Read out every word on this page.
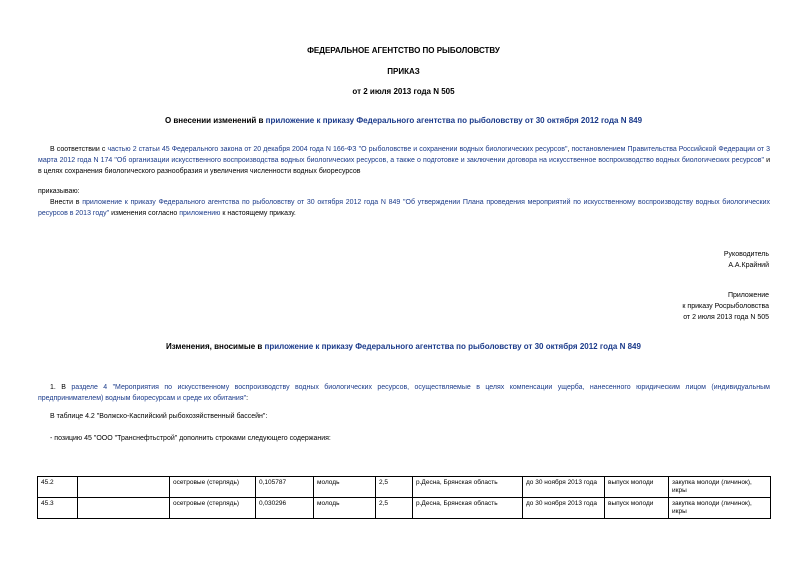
ФЕДЕРАЛЬНОЕ АГЕНТСТВО ПО РЫБОЛОВСТВУ
ПРИКАЗ
от 2 июля 2013 года N 505
О внесении изменений в приложение к приказу Федерального агентства по рыболовству от 30 октября 2012 года N 849
В соответствии с частью 2 статьи 45 Федерального закона от 20 декабря 2004 года N 166-ФЗ "О рыболовстве и сохранении водных биологических ресурсов", постановлением Правительства Российской Федерации от 3 марта 2012 года N 174 "Об организации искусственного воспроизводства водных биологических ресурсов, а также о подготовке и заключении договора на искусственное воспроизводство водных биологических ресурсов" и в целях сохранения биологического разнообразия и увеличения численности водных биоресурсов
приказываю:
Внести в приложение к приказу Федерального агентства по рыболовству от 30 октября 2012 года N 849 "Об утверждении Плана проведения мероприятий по искусственному воспроизводству водных биологических ресурсов в 2013 году" изменения согласно приложению к настоящему приказу.
Руководитель
А.А.Крайний
Приложение
к приказу Росрыболовства
от 2 июля 2013 года N 505
Изменения, вносимые в приложение к приказу Федерального агентства по рыболовству от 30 октября 2012 года N 849
1. В разделе 4 "Мероприятия по искусственному воспроизводству водных биологических ресурсов, осуществляемые в целях компенсации ущерба, нанесенного юридическим лицом (индивидуальным предпринимателем) водным биоресурсам и среде их обитания":
В таблице 4.2 "Волжско-Каспийский рыбохозяйственный бассейн":
- позицию 45 "ООО "Транснефтьстрой" дополнить строками следующего содержания:
45.2		осетровые (стерлядь)	0,105787	молодь	2,5	р.Десна, Брянская область	до 30 ноября 2013 года	выпуск молоди	закупка молоди (личинок), икры
45.3		осетровые (стерлядь)	0,030296	молодь	2,5	р.Десна, Брянская область	до 30 ноября 2013 года	выпуск молоди	закупка молоди (личинок), икры
